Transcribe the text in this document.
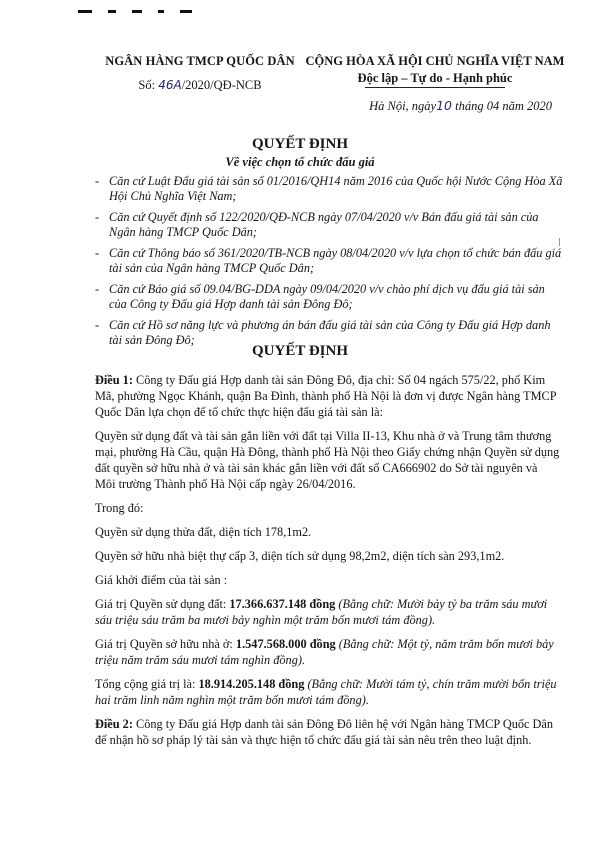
NGÂN HÀNG TMCP QUỐC DÂN
Số: 46A/2020/QĐ-NCB
CỘNG HÒA XÃ HỘI CHỦ NGHĨA VIỆT NAM
Độc lập – Tự do - Hạnh phúc
Hà Nội, ngày10 tháng 04 năm 2020
QUYẾT ĐỊNH
Về việc chọn tổ chức đấu giá
- Căn cứ Luật Đấu giá tài sản số 01/2016/QH14 năm 2016 của Quốc hội Nước Cộng Hòa Xã Hội Chủ Nghĩa Việt Nam;
- Căn cứ Quyết định số 122/2020/QĐ-NCB ngày 07/04/2020 v/v Bán đấu giá tài sản của Ngân hàng TMCP Quốc Dân;
- Căn cứ Thông báo số 361/2020/TB-NCB ngày 08/04/2020 v/v lựa chọn tổ chức bán đấu giá tài sản của Ngân hàng TMCP Quốc Dân;
- Căn cứ Báo giá số 09.04/BG-DDA ngày 09/04/2020 v/v chào phí dịch vụ đấu giá tài sản của Công ty Đấu giá Hợp danh tài sản Đông Đô;
- Căn cứ Hồ sơ năng lực và phương án bán đấu giá tài sản của Công ty Đấu giá Hợp danh tài sản Đông Đô;
QUYẾT ĐỊNH

Điều 1: Công ty Đấu giá Hợp danh tài sản Đông Đô, địa chỉ: Số 04 ngách 575/22, phố Kim Mã, phường Ngọc Khánh, quận Ba Đình, thành phố Hà Nội là đơn vị được Ngân hàng TMCP Quốc Dân lựa chọn để tổ chức thực hiện đấu giá tài sản là:

Quyền sử dụng đất và tài sản gắn liền với đất tại Villa II-13, Khu nhà ở và Trung tâm thương mại, phường Hà Cầu, quận Hà Đông, thành phố Hà Nội theo Giấy chứng nhận Quyền sử dụng đất quyền sở hữu nhà ở và tài sản khác gắn liền với đất số CA666902 do Sở tài nguyên và Môi trường Thành phố Hà Nội cấp ngày 26/04/2016.

Trong đó:

Quyền sử dụng thửa đất, diện tích 178,1m2.

Quyền sở hữu nhà biệt thự cấp 3, diện tích sử dụng 98,2m2, diện tích sàn 293,1m2.

Giá khởi điểm của tài sản :

Giá trị Quyền sử dụng đất: 17.366.637.148 đồng (Bằng chữ: Mười bảy tỷ ba trăm sáu mươi sáu triệu sáu trăm ba mươi bảy nghìn một trăm bốn mươi tám đồng).

Giá trị Quyền sở hữu nhà ở: 1.547.568.000 đồng (Bằng chữ: Một tỷ, năm trăm bốn mươi bảy triệu năm trăm sáu mươi tám nghìn đồng).

Tổng cộng giá trị là: 18.914.205.148 đồng (Bằng chữ: Mười tám tỷ, chín trăm mười bốn triệu hai trăm linh năm nghìn một trăm bốn mươi tám đồng).

Điều 2: Công ty Đấu giá Hợp danh tài sản Đông Đô liên hệ với Ngân hàng TMCP Quốc Dân để nhận hồ sơ pháp lý tài sản và thực hiện tổ chức đấu giá tài sản nêu trên theo luật định.
